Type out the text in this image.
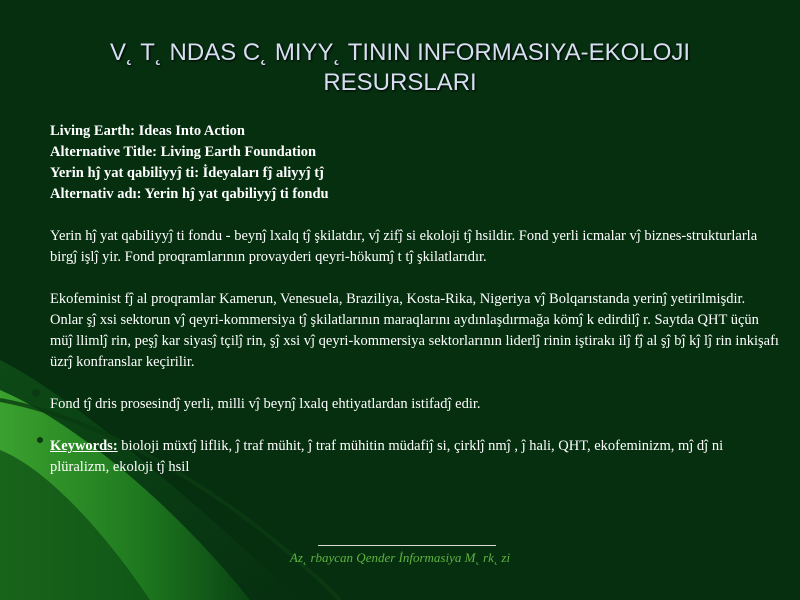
V˛ T˛ NDAS C˛ MIYY˛ TININ INFORMASIYA-EKOLOJI RESURSLARI

Living Earth: Ideas Into Action

Alternative Title: Living Earth Foundation

Yerin hĵ yat qabiliyyĵ ti: İdeyaları fĵ aliyyĵ tĵ

Alternativ adı: Yerin hĵ yat qabiliyyĵ ti fondu

Yerin hĵ yat qabiliyyĵ ti fondu - beynĵ lxalq tĵ şkilatdır, vĵ zifĵ si ekoloji tĵ hsildir. Fond yerli icmalar vĵ biznes-strukturlarla birgĵ işlĵ yir. Fond proqramlarının provayderi qeyri-hökumĵ t tĵ şkilatlarıdır.

Ekofeminist fĵ al proqramlar Kamerun, Venesuela, Braziliya, Kosta-Rika, Nigeriya vĵ Bolqarıstanda yerinĵ yetirilmişdir. Onlar şĵ xsi sektorun vĵ qeyri-kommersiya tĵ şkilatlarının maraqlarını aydınlaşdırmağa kömĵ k edirdilĵ r. Saytda QHT üçün müĵ llimlĵ rin, peşĵ kar siyasĵ tçilĵ rin, şĵ xsi vĵ qeyri-kommersiya sektorlarının liderlĵ rinin iştirakı ilĵ fĵ al şĵ bĵ kĵ lĵ rin inkişafı üzrĵ konfranslar keçirilir.

Fond tĵ dris prosesindĵ yerli, milli vĵ beynĵ lxalq ehtiyatlardan istifadĵ edir.

Keywords: bioloji müxtĵ liflik, ĵ traf mühit, ĵ traf mühitin müdafiĵ si, çirklĵ nmĵ , ĵ hali, QHT, ekofeminizm, mĵ dĵ ni plüralizm, ekoloji tĵ hsil

Az˛ rbaycan Qender İnformasiya M˛ rk˛ zi
